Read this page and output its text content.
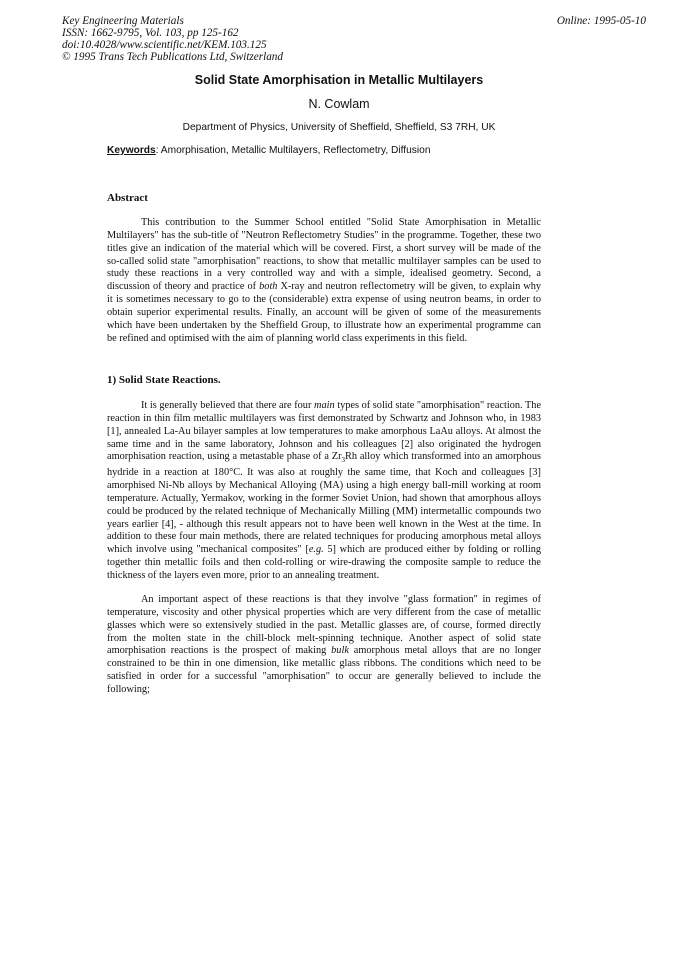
Key Engineering Materials
ISSN: 1662-9795, Vol. 103, pp 125-162
doi:10.4028/www.scientific.net/KEM.103.125
© 1995 Trans Tech Publications Ltd, Switzerland
Online: 1995-05-10
Solid State Amorphisation in Metallic Multilayers
N. Cowlam
Department of Physics, University of Sheffield, Sheffield, S3 7RH, UK
Keywords: Amorphisation, Metallic Multilayers, Reflectometry, Diffusion
Abstract

This contribution to the Summer School entitled "Solid State Amorphisation in Metallic Multilayers" has the sub-title of "Neutron Reflectometry Studies" in the programme. Together, these two titles give an indication of the material which will be covered. First, a short survey will be made of the so-called solid state "amorphisation" reactions, to show that metallic multilayer samples can be used to study these reactions in a very controlled way and with a simple, idealised geometry. Second, a discussion of theory and practice of both X-ray and neutron reflectometry will be given, to explain why it is sometimes necessary to go to the (considerable) extra expense of using neutron beams, in order to obtain superior experimental results. Finally, an account will be given of some of the measurements which have been undertaken by the Sheffield Group, to illustrate how an experimental programme can be refined and optimised with the aim of planning world class experiments in this field.

1) Solid State Reactions.

It is generally believed that there are four main types of solid state "amorphisation" reaction. The reaction in thin film metallic multilayers was first demonstrated by Schwartz and Johnson who, in 1983 [1], annealed La-Au bilayer samples at low temperatures to make amorphous LaAu alloys. At almost the same time and in the same laboratory, Johnson and his colleagues [2] also originated the hydrogen amorphisation reaction, using a metastable phase of a $Zr_3Rh$ alloy which transformed into an amorphous hydride in a reaction at 180°C. It was also at roughly the same time, that Koch and colleagues [3] amorphised Ni-Nb alloys by Mechanical Alloying (MA) using a high energy ball-mill working at room temperature. Actually, Yermakov, working in the former Soviet Union, had shown that amorphous alloys could be produced by the related technique of Mechanically Milling (MM) intermetallic compounds two years earlier [4], - although this result appears not to have been well known in the West at the time. In addition to these four main methods, there are related techniques for producing amorphous metal alloys which involve using "mechanical composites" [e.g. 5] which are produced either by folding or rolling together thin metallic foils and then cold-rolling or wire-drawing the composite sample to reduce the thickness of the layers even more, prior to an annealing treatment.

An important aspect of these reactions is that they involve "glass formation" in regimes of temperature, viscosity and other physical properties which are very different from the case of metallic glasses which were so extensively studied in the past. Metallic glasses are, of course, formed directly from the molten state in the chill-block melt-spinning technique. Another aspect of solid state amorphisation reactions is the prospect of making bulk amorphous metal alloys that are no longer constrained to be thin in one dimension, like metallic glass ribbons. The conditions which need to be satisfied in order for a successful "amorphisation" to occur are generally believed to include the following;
